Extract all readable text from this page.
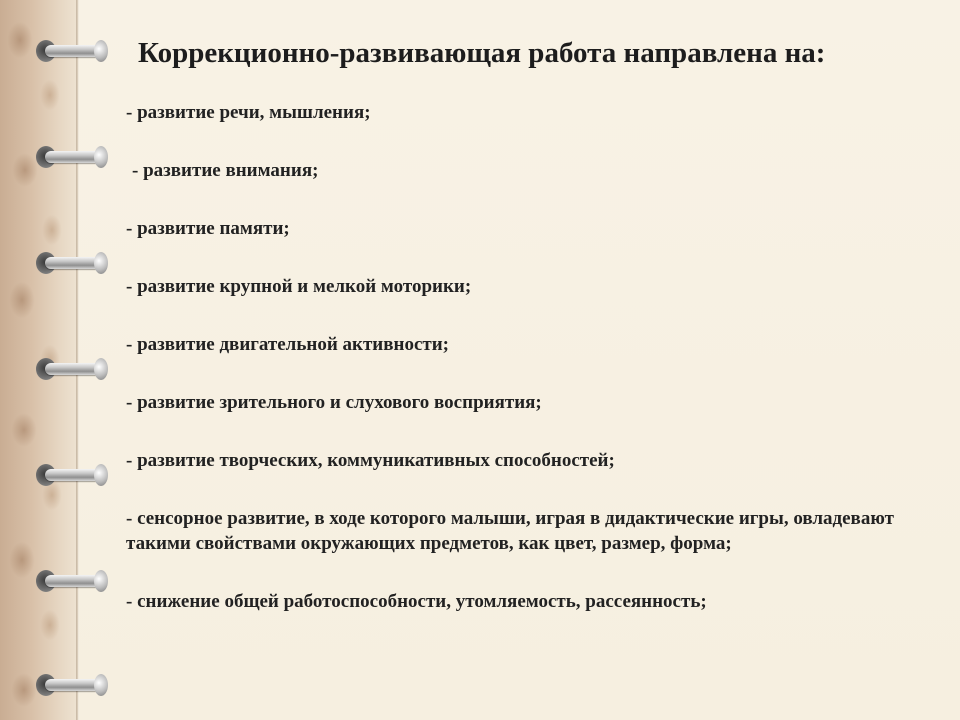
Коррекционно-развивающая работа направлена на:
- развитие речи, мышления;
- развитие внимания;
- развитие памяти;
- развитие крупной и мелкой моторики;
- развитие двигательной активности;
- развитие зрительного и слухового восприятия;
- развитие творческих, коммуникативных способностей;
- сенсорное развитие, в ходе которого малыши, играя в дидактические игры, овладевают такими свойствами окружающих предметов, как цвет, размер, форма;
- снижение общей работоспособности, утомляемость, рассеянность;
